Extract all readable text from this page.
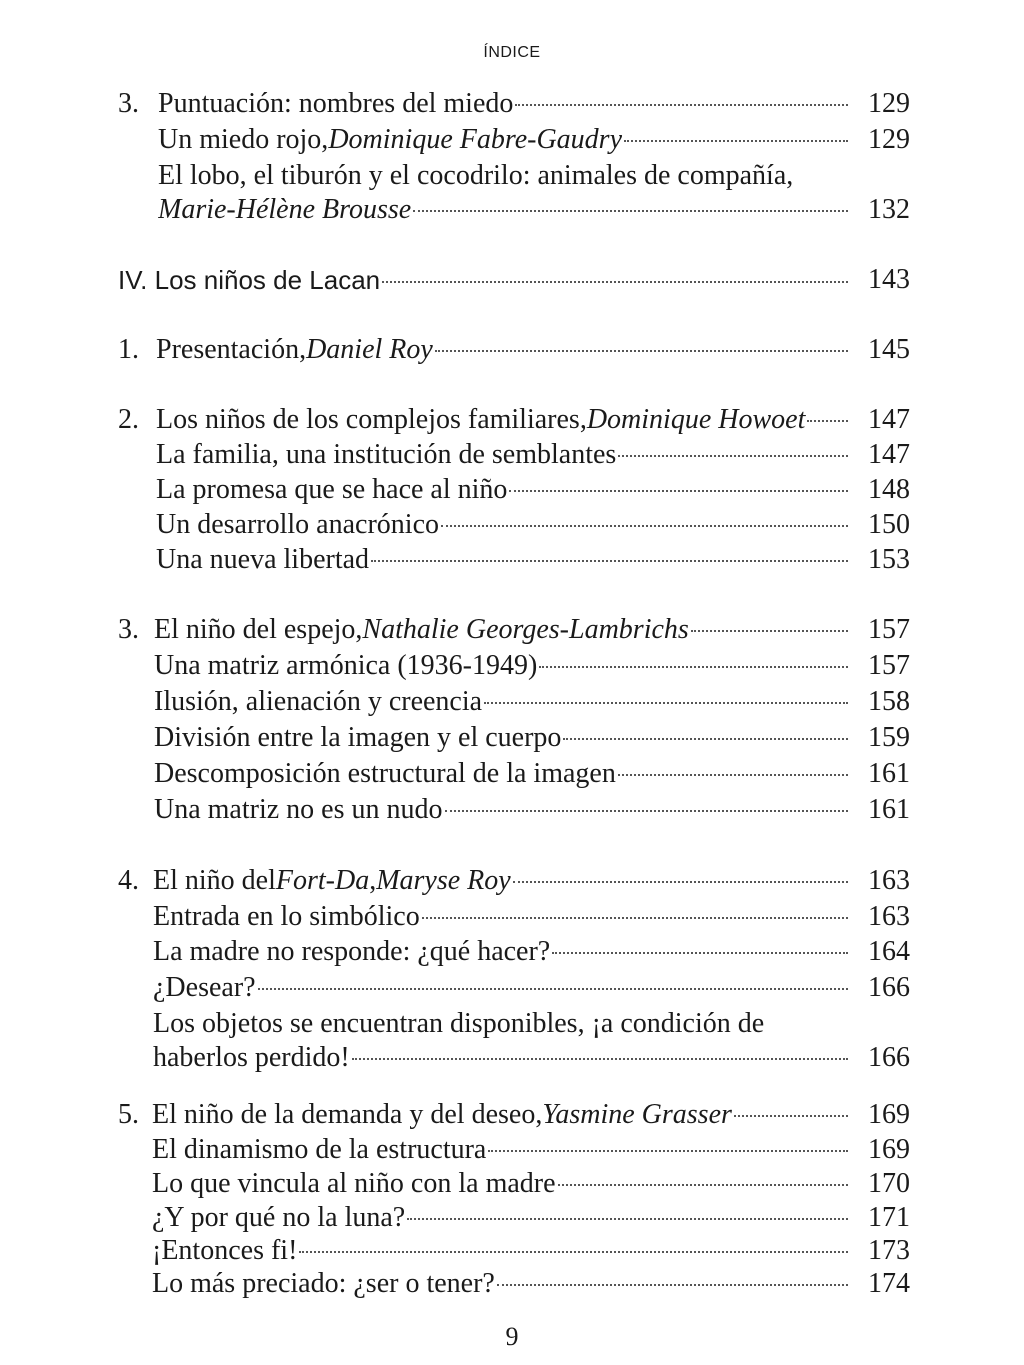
ÍNDICE
3. Puntuación: nombres del miedo	129
Un miedo rojo, Dominique Fabre-Gaudry	129
El lobo, el tiburón y el cocodrilo: animales de compañía,
Marie-Hélène Brousse	132
IV. Los niños de Lacan	143
1. Presentación, Daniel Roy	145
2. Los niños de los complejos familiares, Dominique Howoet 147
La familia, una institución de semblantes	147
La promesa que se hace al niño	148
Un desarrollo anacrónico	150
Una nueva libertad	153
3. El niño del espejo, Nathalie Georges-Lambrichs	157
Una matriz armónica (1936-1949)	157
Ilusión, alienación y creencia	158
División entre la imagen y el cuerpo	159
Descomposición estructural de la imagen	161
Una matriz no es un nudo	161
4. El niño del Fort-Da , Maryse Roy	163
Entrada en lo simbólico	163
La madre no responde: ¿qué hacer?	164
¿Desear?	166
Los objetos se encuentran disponibles, ¡a condición de
haberlos perdido!	166
5. El niño de la demanda y del deseo, Yasmine Grasser	169
El dinamismo de la estructura	169
Lo que vincula al niño con la madre	170
¿Y por qué no la luna?	171
¡Entonces fi!	173
Lo más preciado: ¿ser o tener?	174
9
